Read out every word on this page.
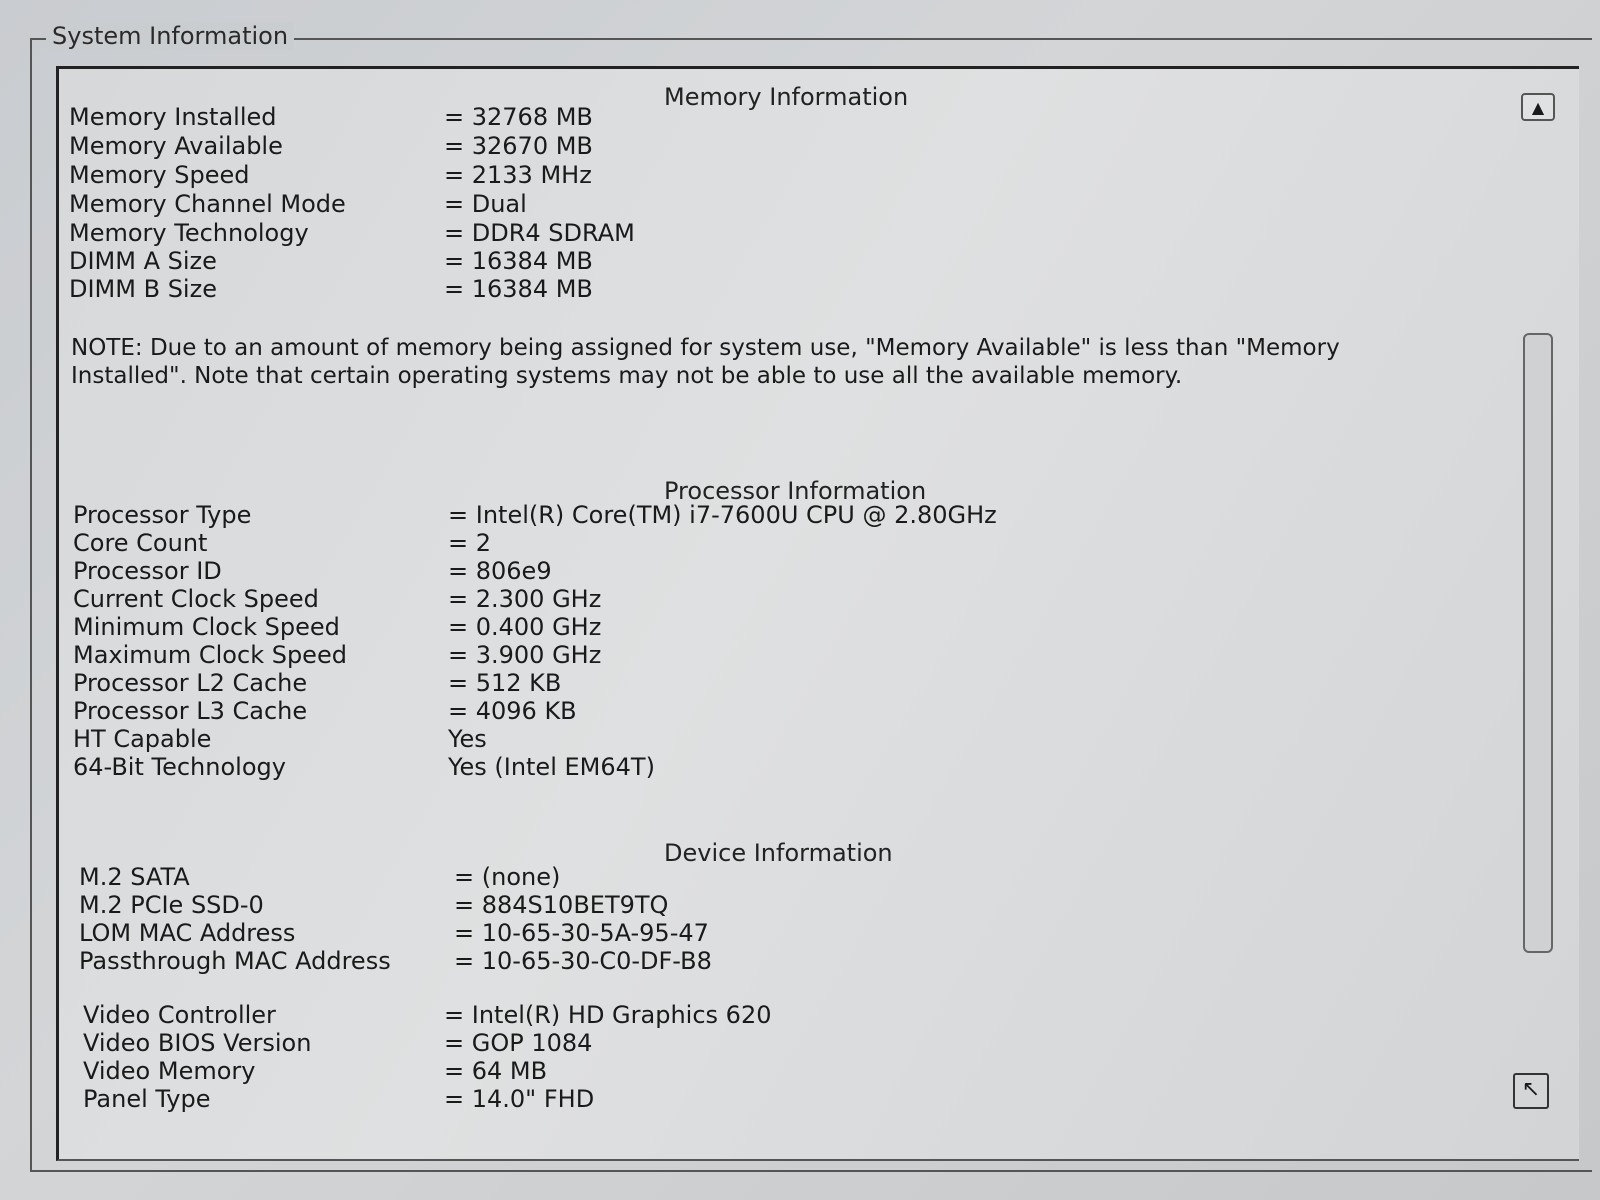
System Information
Memory Information
Memory Installed	= 32768 MB
Memory Available	= 32670 MB
Memory Speed	= 2133 MHz
Memory Channel Mode	= Dual
Memory Technology	= DDR4 SDRAM
DIMM A Size	= 16384 MB
DIMM B Size	= 16384 MB
NOTE: Due to an amount of memory being assigned for system use, "Memory Available" is less than "Memory Installed". Note that certain operating systems may not be able to use all the available memory.
Processor Information
Processor Type	= Intel(R) Core(TM) i7-7600U CPU @ 2.80GHz
Core Count	= 2
Processor ID	= 806e9
Current Clock Speed	= 2.300 GHz
Minimum Clock Speed	= 0.400 GHz
Maximum Clock Speed	= 3.900 GHz
Processor L2 Cache	= 512 KB
Processor L3 Cache	= 4096 KB
HT Capable	Yes
64-Bit Technology	Yes (Intel EM64T)
Device Information
M.2 SATA	= (none)
M.2 PCIe SSD-0	= 884S10BET9TQ
LOM MAC Address	= 10-65-30-5A-95-47
Passthrough MAC Address	= 10-65-30-C0-DF-B8
Video Controller	= Intel(R) HD Graphics 620
Video BIOS Version	= GOP 1084
Video Memory	= 64 MB
Panel Type	= 14.0" FHD
▲
↖
